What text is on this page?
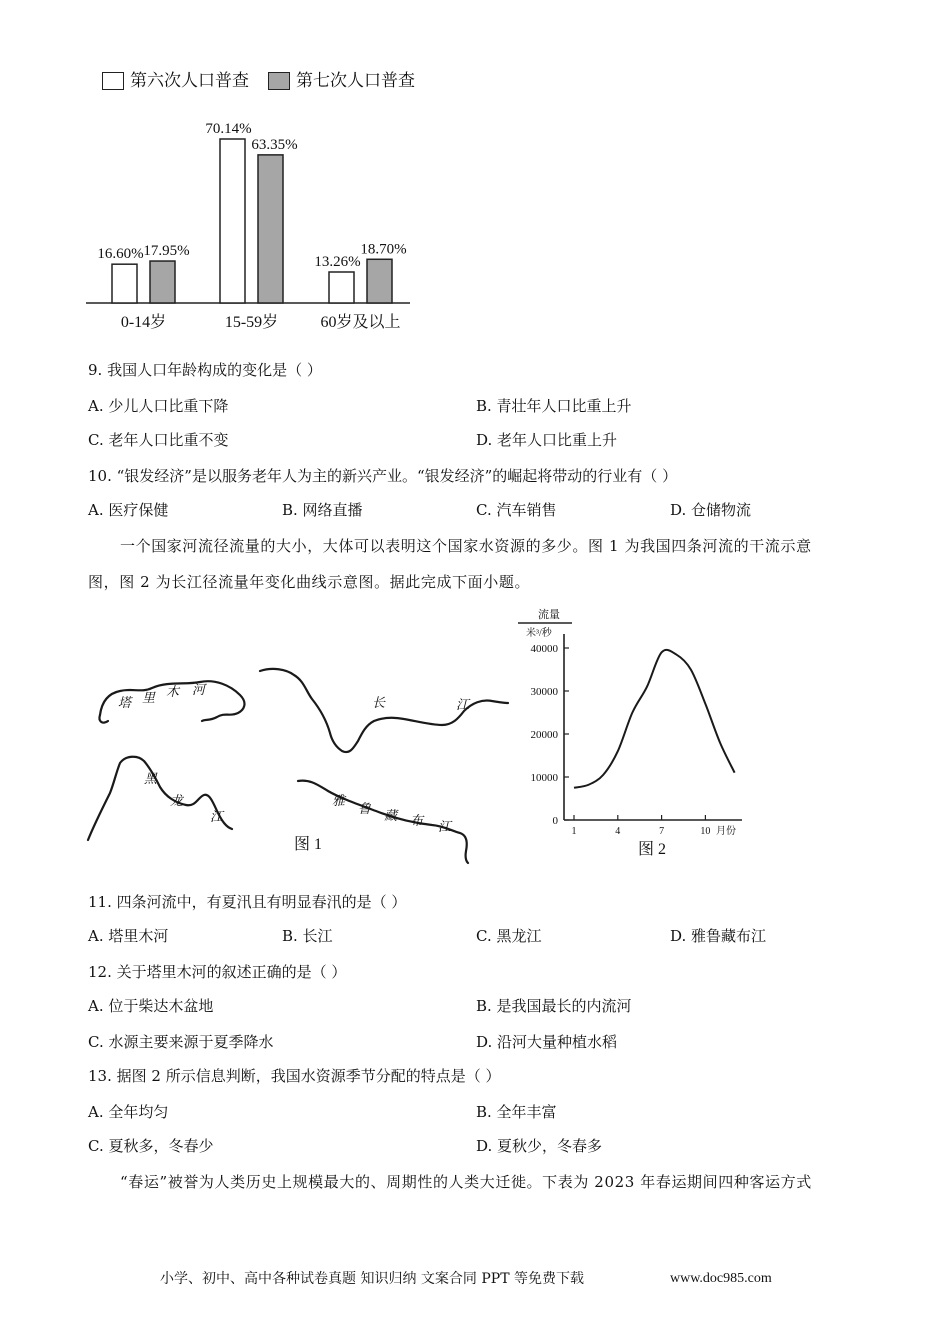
第六次人口普查	第七次人口普查
16.60% 17.95%
0-14岁
70.14%
63.35%
15-59岁
13.26%
18.70%
60岁及以上
9. 我国人口年龄构成的变化是（ ）
A. 少儿人口比重下降	B. 青壮年人口比重上升
C. 老年人口比重不变	D. 老年人口比重上升
10. “银发经济”是以服务老年人为主的新兴产业。“银发经济”的崛起将带动的行业有（ ）
A. 医疗保健	B. 网络直播	C. 汽车销售	D. 仓储物流
一个国家河流径流量的大小，大体可以表明这个国家水资源的多少。图 1 为我国四条河流的干流示意
图，图 2 为长江径流量年变化曲线示意图。据此完成下面小题。
塔 里 木 河
长	江
黑
龙
江
雅
鲁 藏 布 江
图 1
流量
米³/秒
40000
30000
20000
10000
0
1	4	7	10 月份
图 2
11. 四条河流中，有夏汛且有明显春汛的是（ ）
A. 塔里木河	B. 长江	C. 黑龙江	D. 雅鲁藏布江
12. 关于塔里木河的叙述正确的是（ ）
A. 位于柴达木盆地	B. 是我国最长的内流河
C. 水源主要来源于夏季降水	D. 沿河大量种植水稻
13. 据图 2 所示信息判断，我国水资源季节分配的特点是（ ）
A. 全年均匀	B. 全年丰富
C. 夏秋多，冬春少	D. 夏秋少，冬春多
“春运”被誉为人类历史上规模最大的、周期性的人类大迁徙。下表为 2023 年春运期间四种客运方式
小学、初中、高中各种试卷真题 知识归纳 文案合同 PPT 等免费下载	www.doc985.com
